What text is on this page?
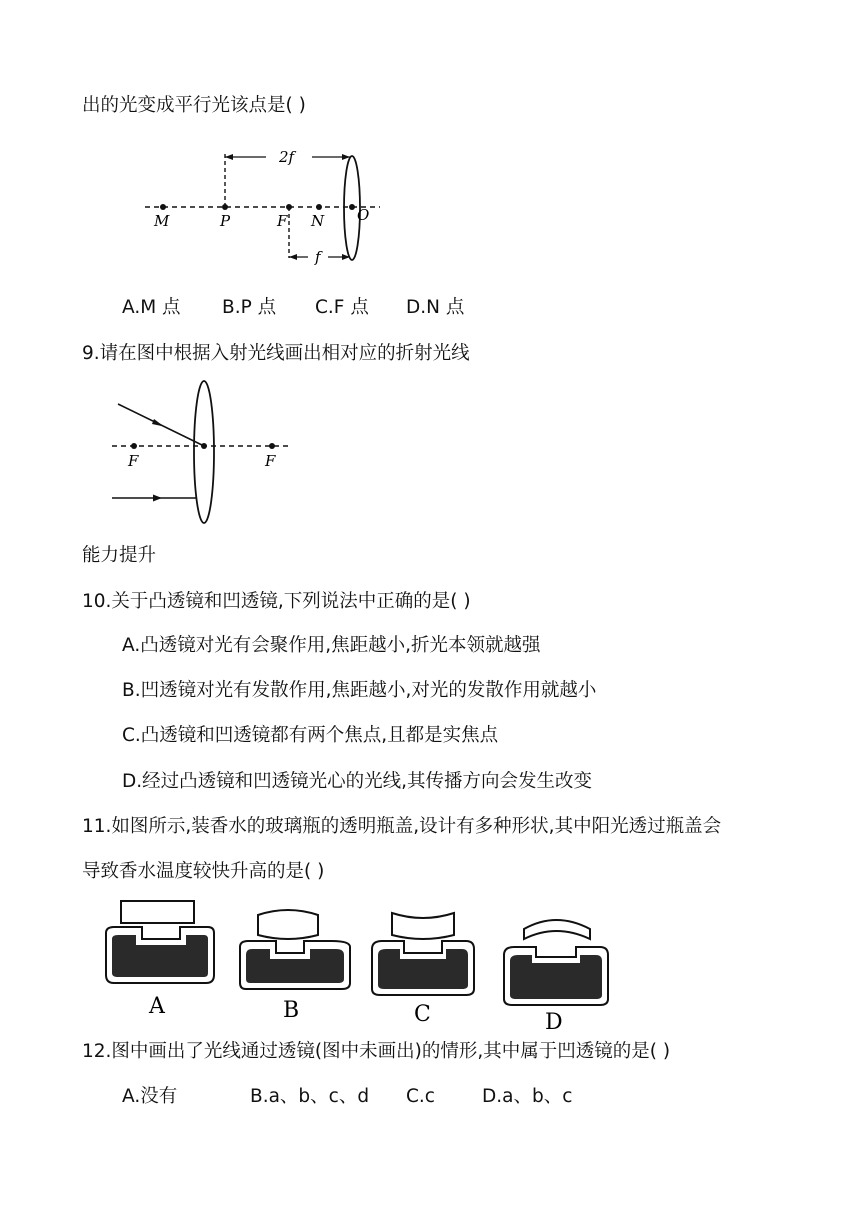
出的光变成平行光该点是( )
M	P	F N O
2f
f
A.M 点 B.P 点 C.F 点 D.N 点
9.请在图中根据入射光线画出相对应的折射光线
F	F
能力提升
10.关于凸透镜和凹透镜,下列说法中正确的是( )
A.凸透镜对光有会聚作用,焦距越小,折光本领就越强
B.凹透镜对光有发散作用,焦距越小,对光的发散作用就越小
C.凸透镜和凹透镜都有两个焦点,且都是实焦点
D.经过凸透镜和凹透镜光心的光线,其传播方向会发生改变
11.如图所示,装香水的玻璃瓶的透明瓶盖,设计有多种形状,其中阳光透过瓶盖会
导致香水温度较快升高的是( )
A	B	C	D
12.图中画出了光线通过透镜(图中未画出)的情形,其中属于凹透镜的是( )
A.没有	B.a、b、c、d C.c	D.a、b、c
